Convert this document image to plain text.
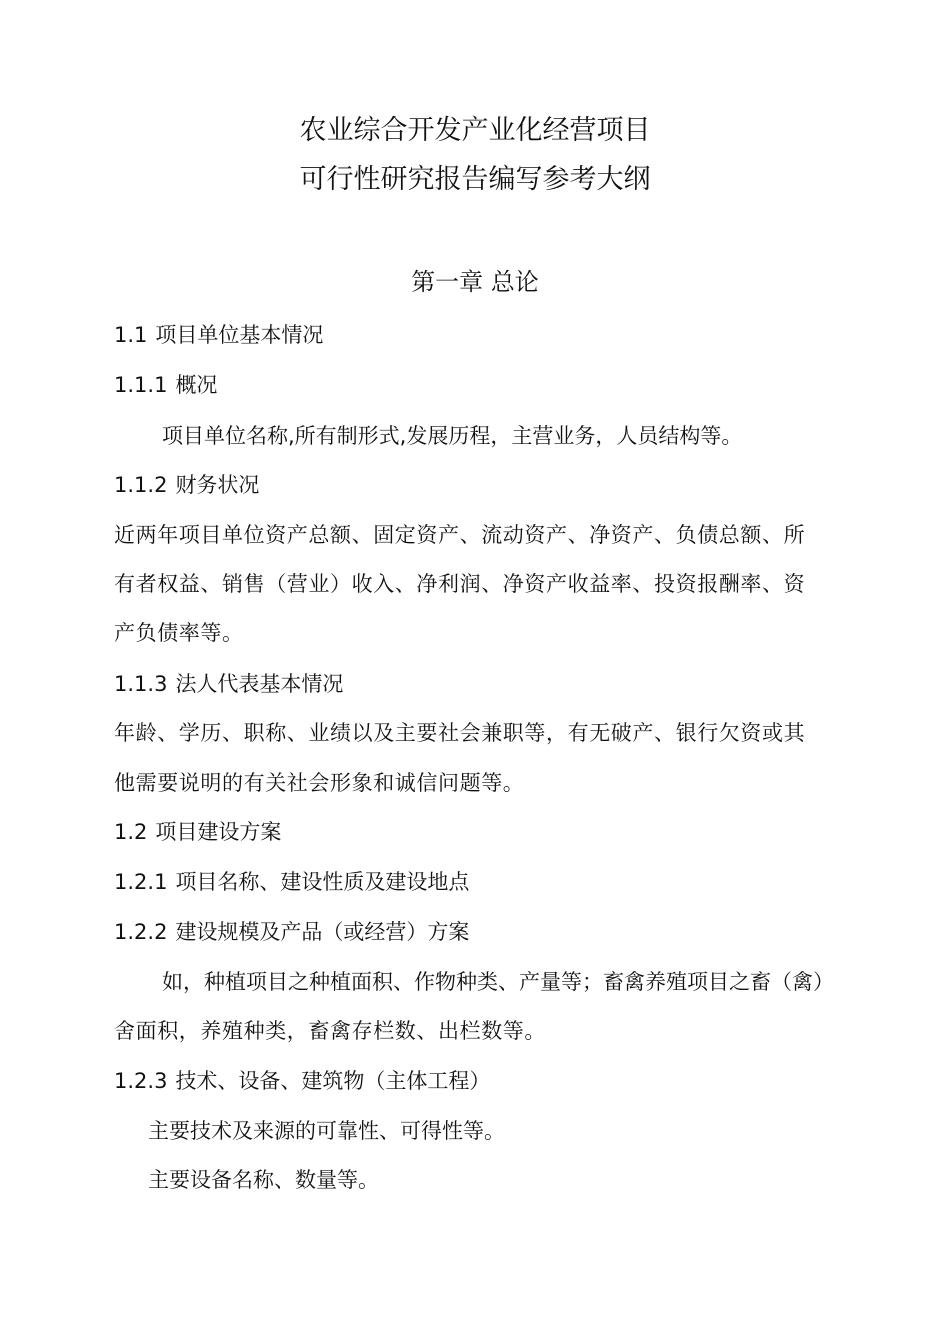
农业综合开发产业化经营项目
可行性研究报告编写参考大纲
第一章 总论
1.1 项目单位基本情况
1.1.1 概况
项目单位名称,所有制形式,发展历程，主营业务，人员结构等。
1.1.2 财务状况
近两年项目单位资产总额、固定资产、流动资产、净资产、负债总额、所
有者权益、销售（营业）收入、净利润、净资产收益率、投资报酬率、资
产负债率等。
1.1.3 法人代表基本情况
年龄、学历、职称、业绩以及主要社会兼职等，有无破产、银行欠资或其
他需要说明的有关社会形象和诚信问题等。
1.2 项目建设方案
1.2.1 项目名称、建设性质及建设地点
1.2.2 建设规模及产品（或经营）方案
如，种植项目之种植面积、作物种类、产量等；畜禽养殖项目之畜（禽）
舍面积，养殖种类，畜禽存栏数、出栏数等。
1.2.3 技术、设备、建筑物（主体工程）
主要技术及来源的可靠性、可得性等。
主要设备名称、数量等。
